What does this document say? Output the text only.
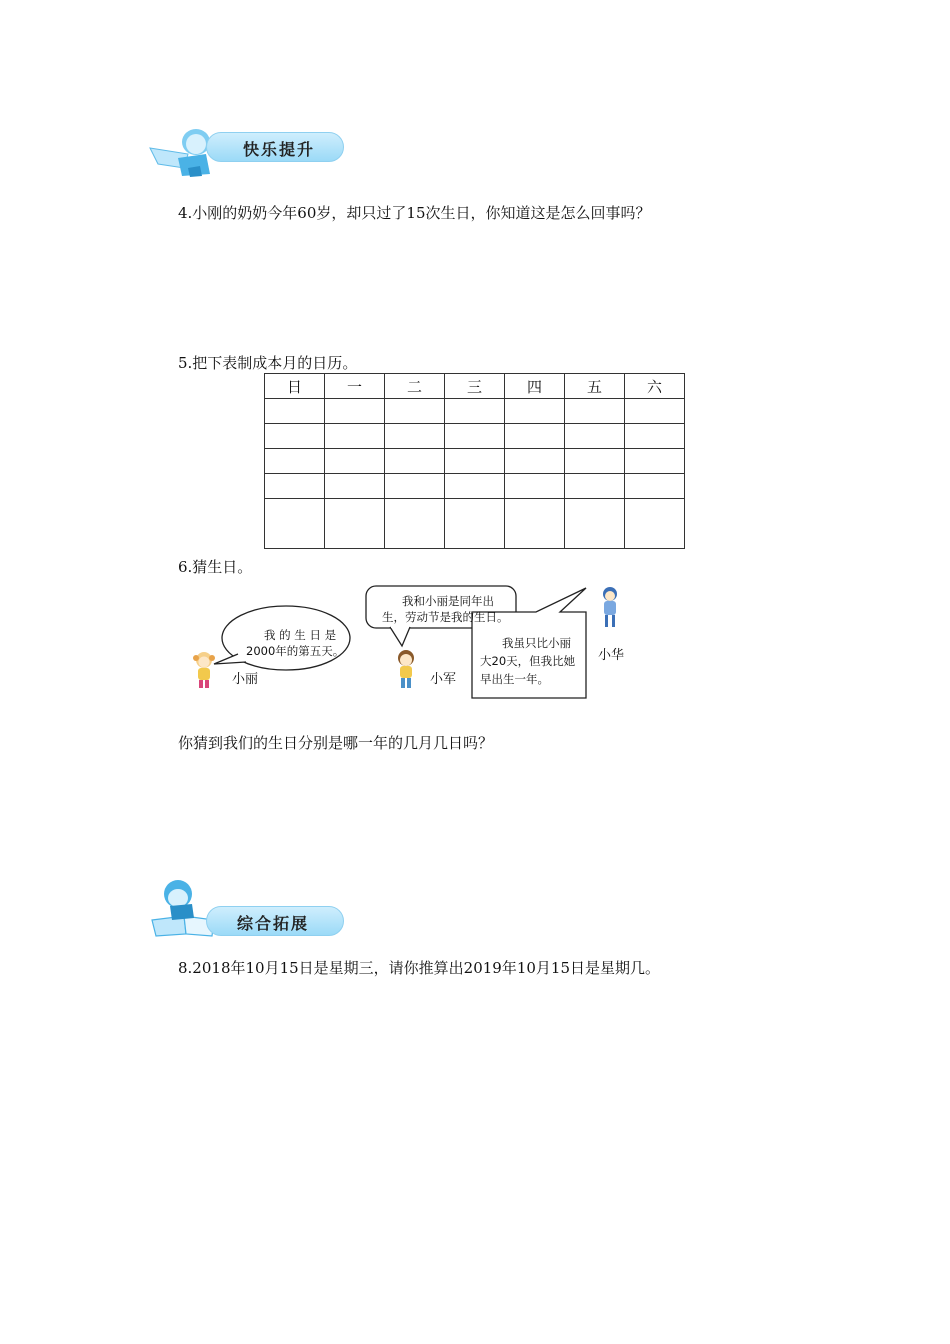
快乐提升
4.小刚的奶奶今年60岁，却只过了15次生日，你知道这是怎么回事吗？
5.把下表制成本月的日历。
日	一	二	三	四	五	六

6.猜生日。
我 的 生 日 是
2000年的第五天。
我和小丽是同年出
生，劳动节是我的生日。
我虽只比小丽
大20天，但我比她
早出生一年。
小丽	小军
小华
你猜到我们的生日分别是哪一年的几月几日吗？
综合拓展
8.2018年10月15日是星期三，请你推算出2019年10月15日是星期几。
